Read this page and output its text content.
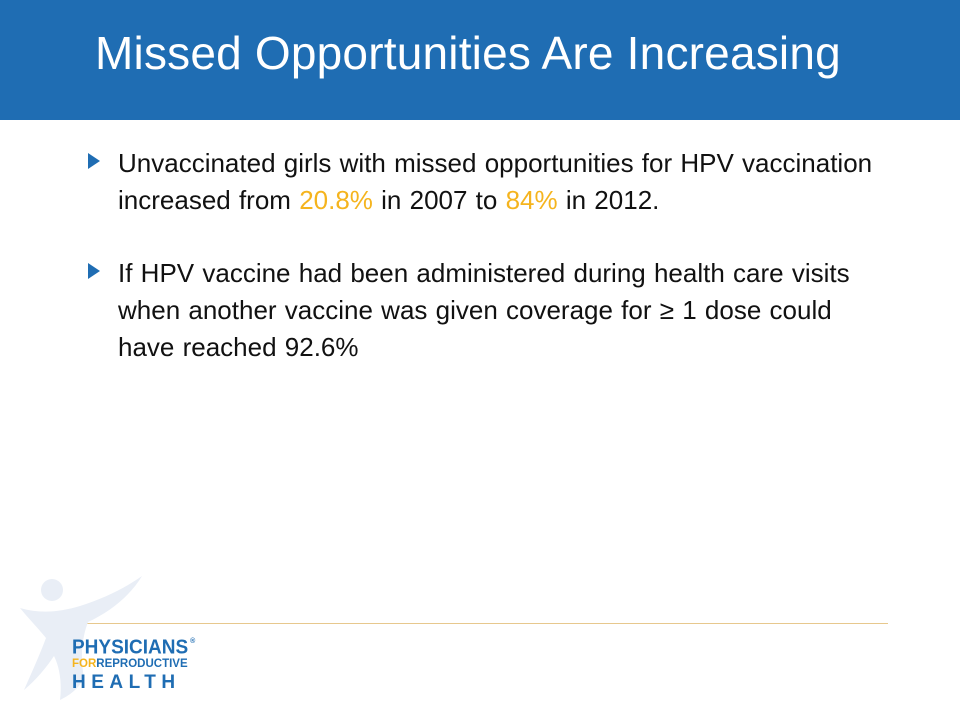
Missed Opportunities Are Increasing
Unvaccinated girls with missed opportunities for HPV vaccination increased from 20.8% in 2007 to 84% in 2012.
If HPV vaccine had been administered during health care visits when another vaccine was given coverage for ≥ 1 dose could have reached 92.6%
PHYSICIANS ®
FORREPRODUCTIVE
HEALTH
